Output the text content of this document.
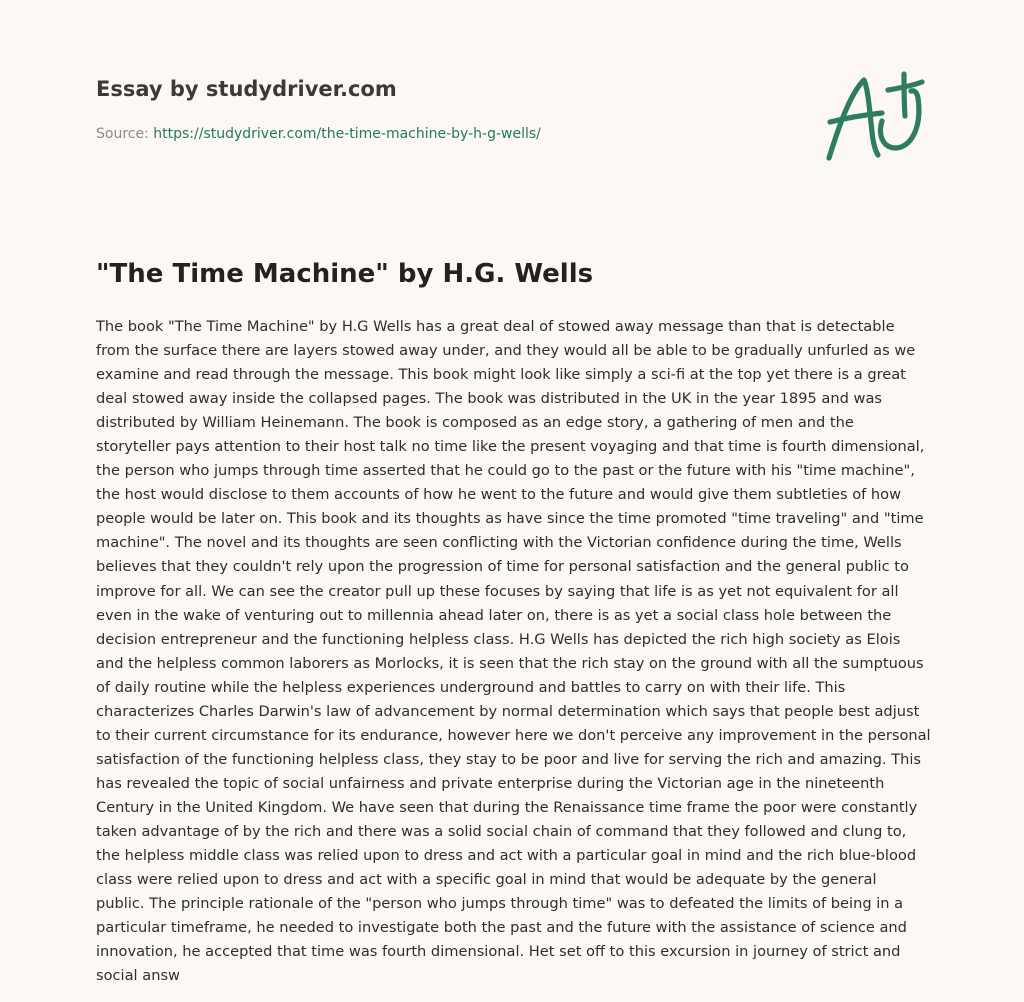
Essay by studydriver.com
Source: https://studydriver.com/the-time-machine-by-h-g-wells/
"The Time Machine" by H.G. Wells
The book "The Time Machine" by H.G Wells has a great deal of stowed away message than that is detectable
from the surface there are layers stowed away under, and they would all be able to be gradually unfurled as we
examine and read through the message. This book might look like simply a sci-fi at the top yet there is a great
deal stowed away inside the collapsed pages. The book was distributed in the UK in the year 1895 and was
distributed by William Heinemann. The book is composed as an edge story, a gathering of men and the
storyteller pays attention to their host talk no time like the present voyaging and that time is fourth dimensional,
the person who jumps through time asserted that he could go to the past or the future with his "time machine",
the host would disclose to them accounts of how he went to the future and would give them subtleties of how
people would be later on. This book and its thoughts as have since the time promoted "time traveling" and "time
machine". The novel and its thoughts are seen conflicting with the Victorian confidence during the time, Wells
believes that they couldn't rely upon the progression of time for personal satisfaction and the general public to
improve for all. We can see the creator pull up these focuses by saying that life is as yet not equivalent for all
even in the wake of venturing out to millennia ahead later on, there is as yet a social class hole between the
decision entrepreneur and the functioning helpless class. H.G Wells has depicted the rich high society as Elois
and the helpless common laborers as Morlocks, it is seen that the rich stay on the ground with all the sumptuous
of daily routine while the helpless experiences underground and battles to carry on with their life. This
characterizes Charles Darwin's law of advancement by normal determination which says that people best adjust
to their current circumstance for its endurance, however here we don't perceive any improvement in the personal
satisfaction of the functioning helpless class, they stay to be poor and live for serving the rich and amazing. This
has revealed the topic of social unfairness and private enterprise during the Victorian age in the nineteenth
Century in the United Kingdom. We have seen that during the Renaissance time frame the poor were constantly
taken advantage of by the rich and there was a solid social chain of command that they followed and clung to,
the helpless middle class was relied upon to dress and act with a particular goal in mind and the rich blue-blood
class were relied upon to dress and act with a specific goal in mind that would be adequate by the general
public. The principle rationale of the "person who jumps through time" was to defeated the limits of being in a
particular timeframe, he needed to investigate both the past and the future with the assistance of science and
innovation, he accepted that time was fourth dimensional. Het set off to this excursion in journey of strict and
social answ
